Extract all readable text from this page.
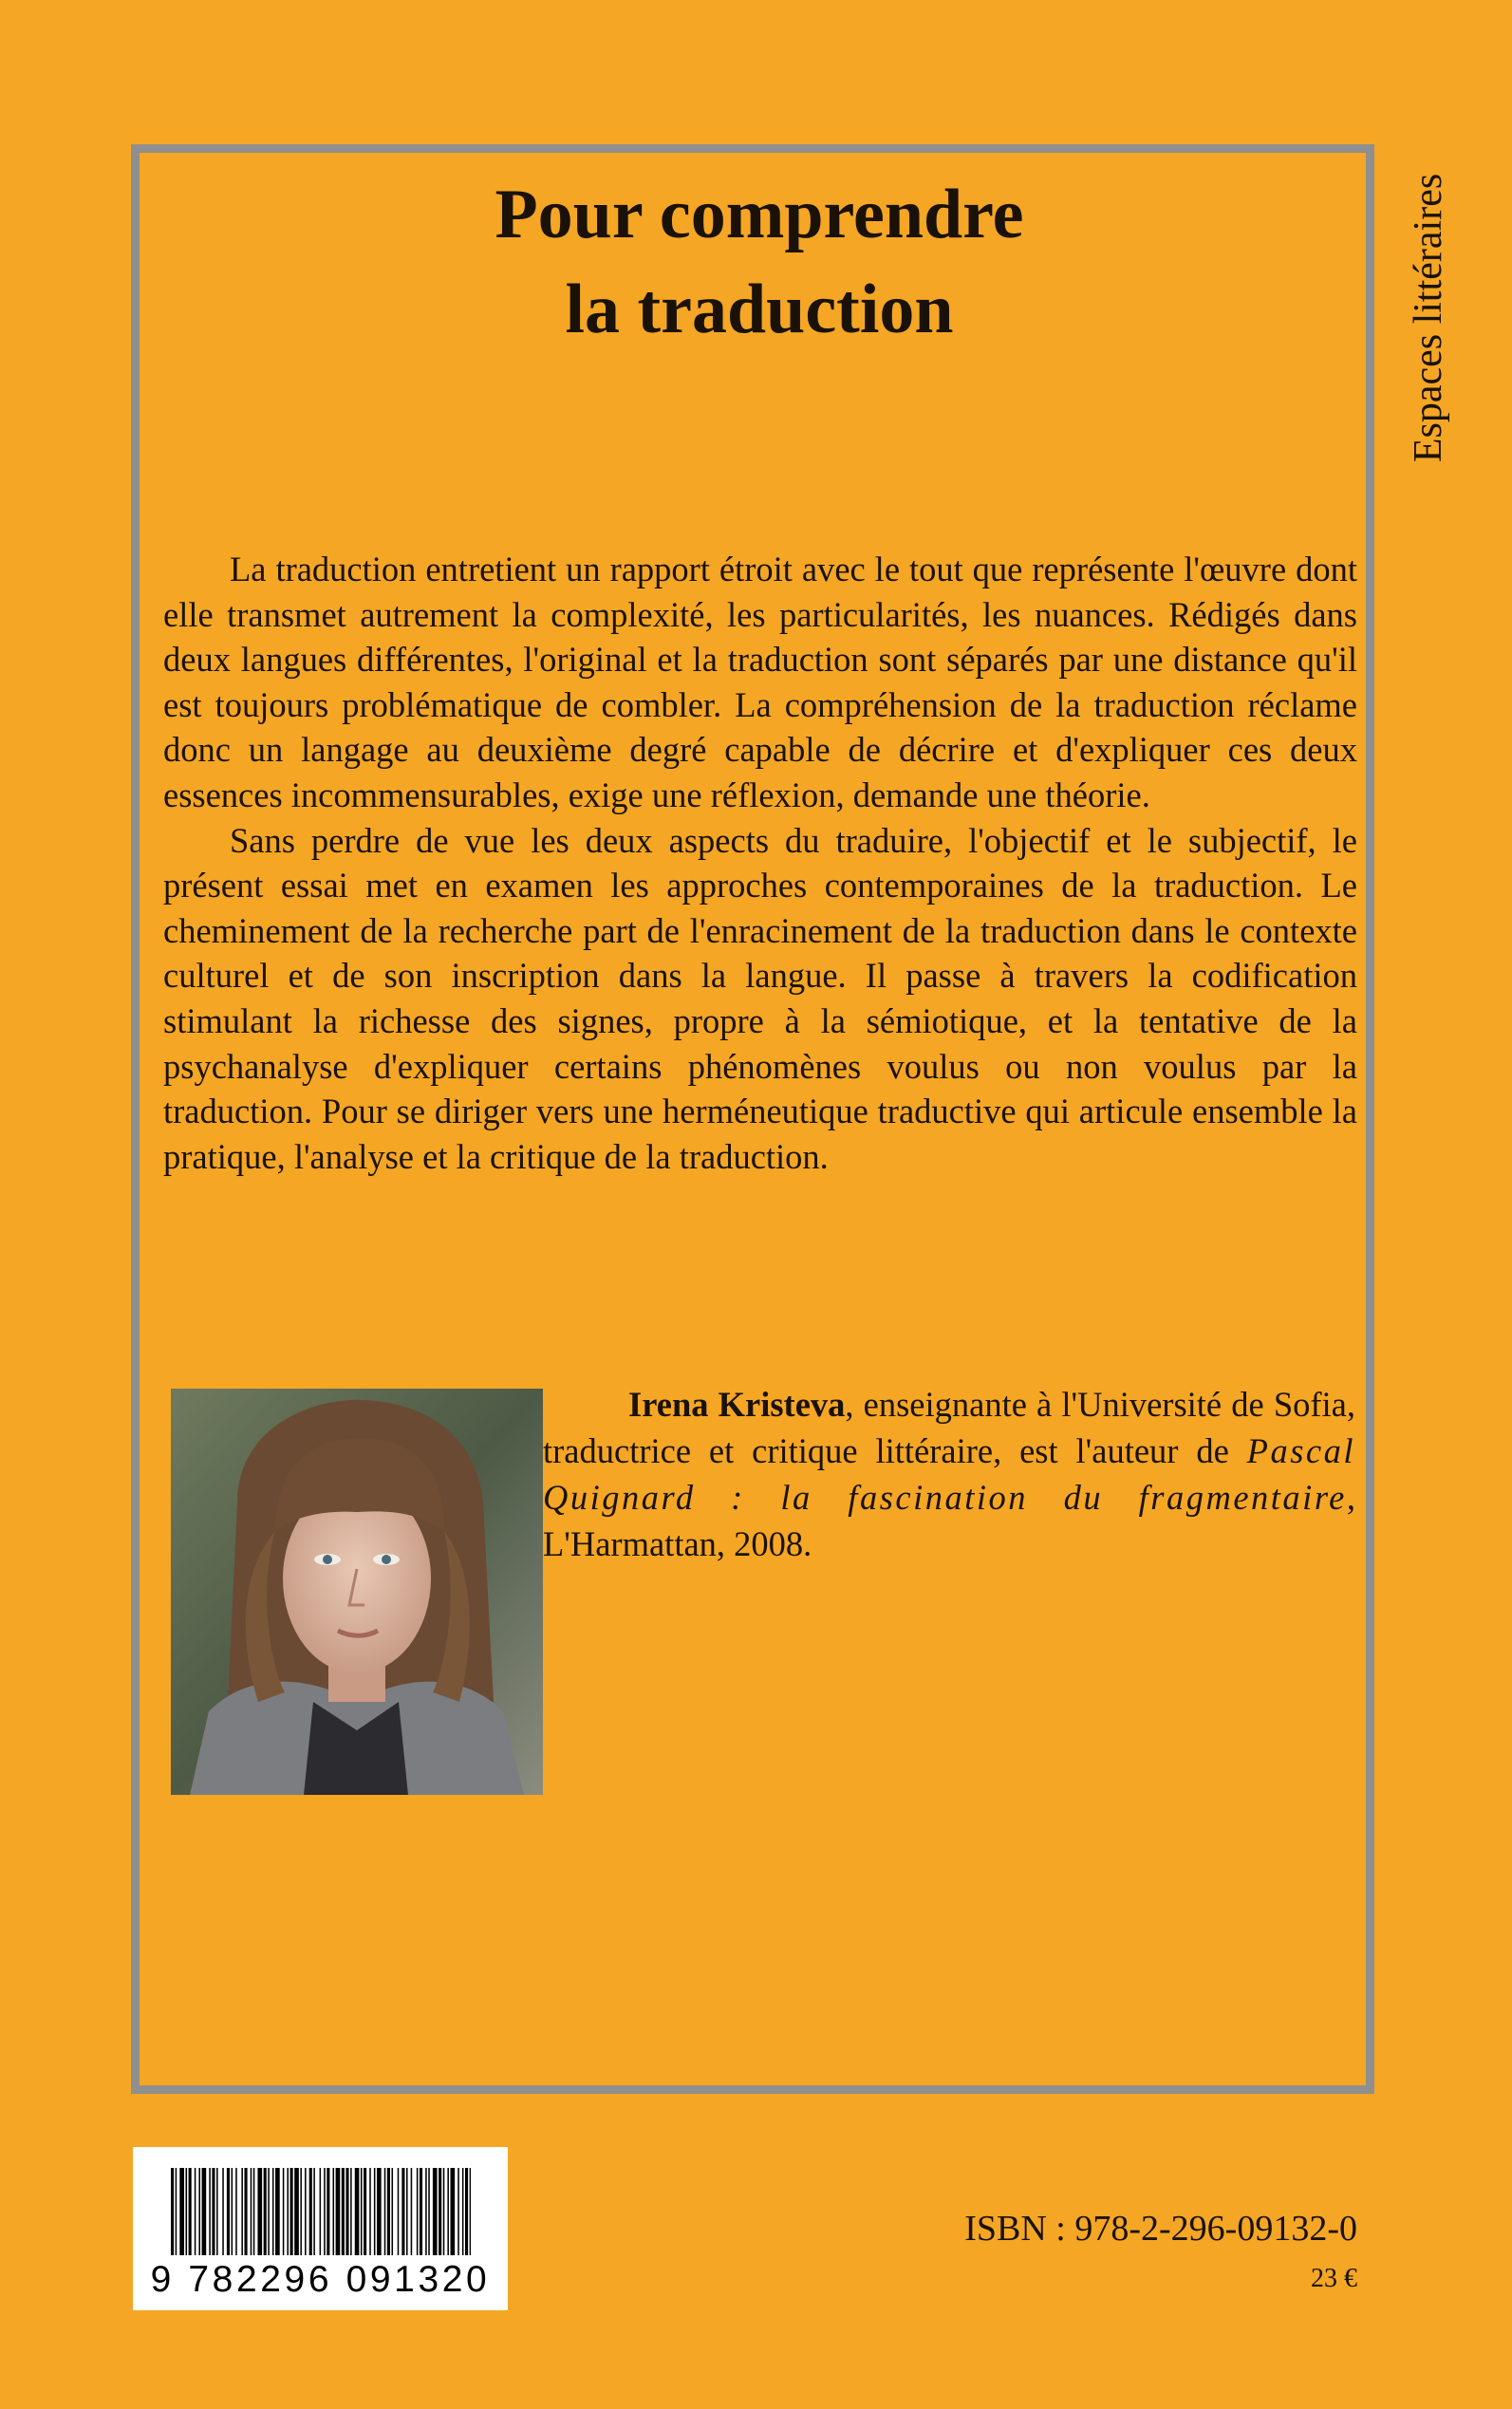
Espaces littéraires
Pour comprendre
la traduction

La traduction entretient un rapport étroit avec le tout que représente l'œuvre dont elle transmet autrement la complexité, les particularités, les nuances. Rédigés dans deux langues différentes, l'original et la traduction sont séparés par une distance qu'il est toujours problématique de combler. La compréhension de la traduction réclame donc un langage au deuxième degré capable de décrire et d'expliquer ces deux essences incommensurables, exige une réflexion, demande une théorie.

Sans perdre de vue les deux aspects du traduire, l'objectif et le subjectif, le présent essai met en examen les approches contemporaines de la traduction. Le cheminement de la recherche part de l'enracinement de la traduction dans le contexte culturel et de son inscription dans la langue. Il passe à travers la codification stimulant la richesse des signes, propre à la sémiotique, et la tentative de la psychanalyse d'expliquer certains phénomènes voulus ou non voulus par la traduction. Pour se diriger vers une herméneutique traductive qui articule ensemble la pratique, l'analyse et la critique de la traduction.

Irena Kristeva, enseignante à l'Université de Sofia, traductrice et critique littéraire, est l'auteur de Pascal Quignard : la fascination du fragmentaire, L'Harmattan, 2008.

9 782296 091320
ISBN : 978-2-296-09132-0
23 €
